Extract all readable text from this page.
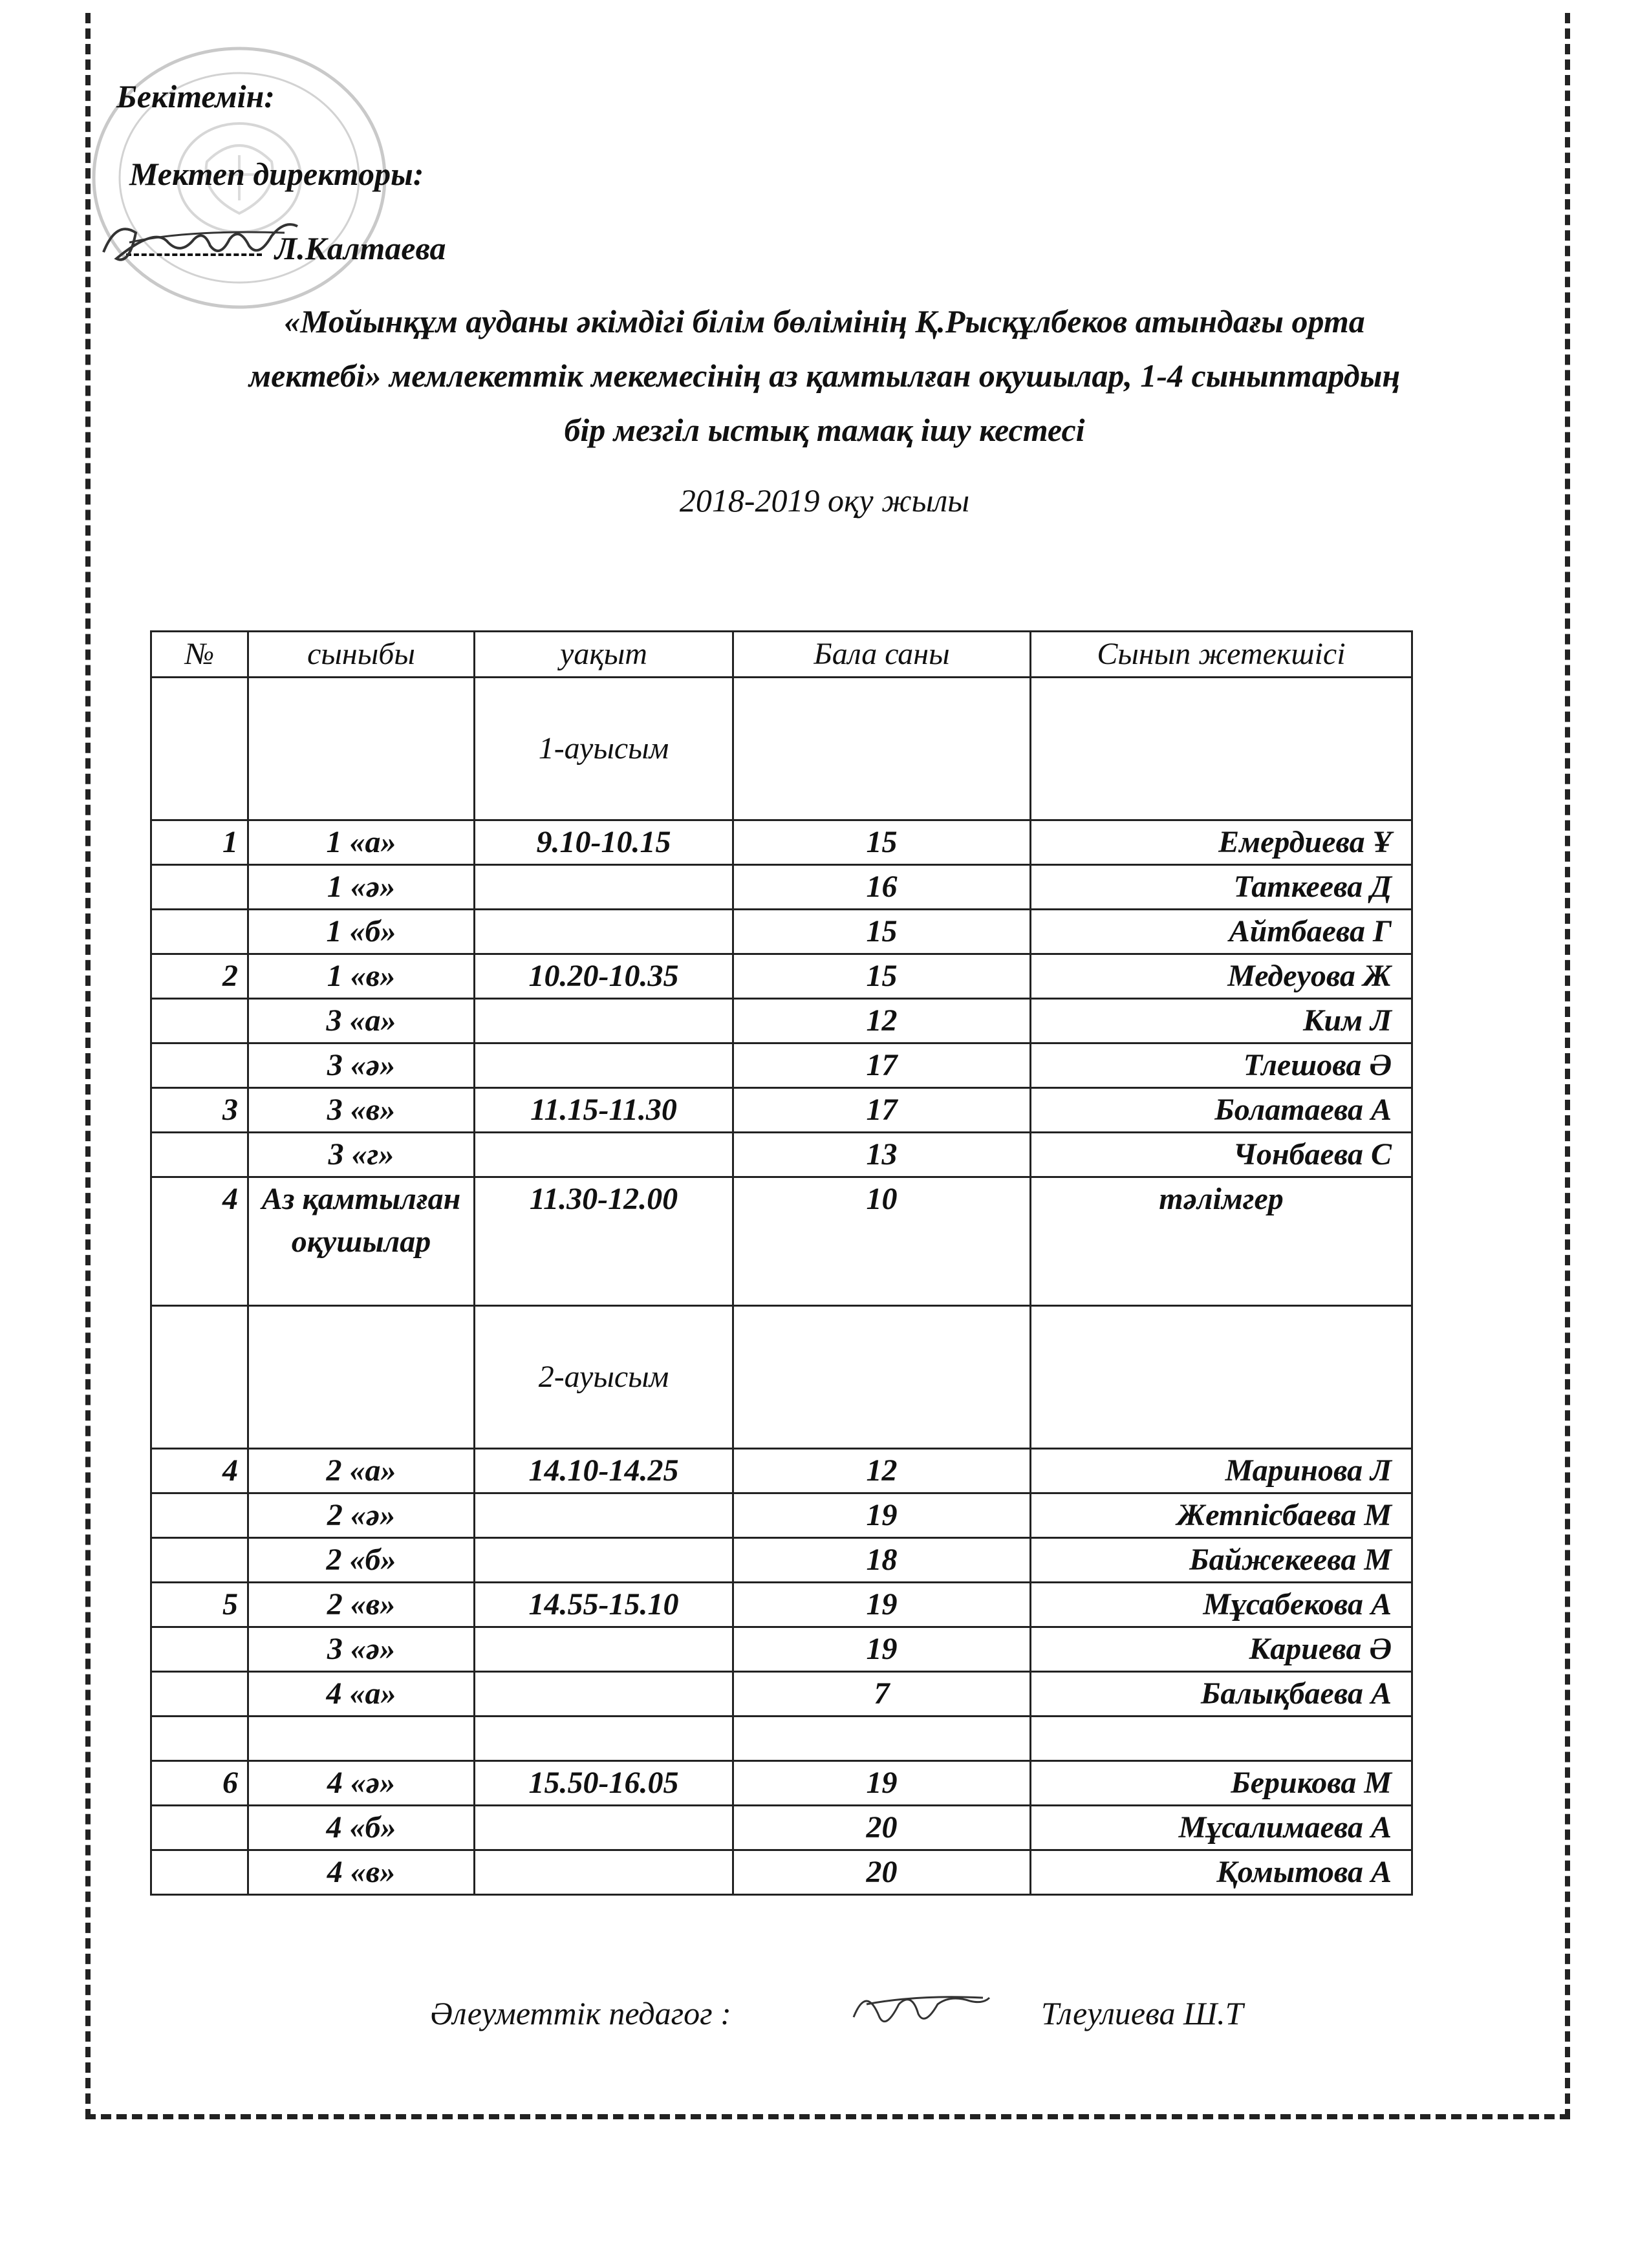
Бекітемін:
Мектеп директоры:
Л.Калтаева
«Мойынқұм ауданы әкімдігі білім бөлімінің Қ.Рысқұлбеков атындағы орта
мектебі» мемлекеттік мекемесінің аз қамтылған оқушылар, 1-4 сыныптардың
бір мезгіл ыстық тамақ ішу кестесі
2018-2019 оқу жылы
№	сыныбы	уақыт	Бала саны	Сынып жетекшісі
		1-ауысым		
1	1 «а»	9.10-10.15	15	Емердиева Ұ
	1 «ә»		16	Таткеева Д
	1 «б»		15	Айтбаева Г
2	1 «в»	10.20-10.35	15	Медеуова Ж
	3 «а»		12	Ким Л
	3 «ә»		17	Тлешова Ә
3	3 «в»	11.15-11.30	17	Болатаева А
	3 «г»		13	Чонбаева С
4	Аз қамтылған оқушылар	11.30-12.00	10	тәлімгер
		2-ауысым		
4	2 «а»	14.10-14.25	12	Маринова Л
	2 «ә»		19	Жетпісбаева М
	2 «б»		18	Байжекеева М
5	2 «в»	14.55-15.10	19	Мұсабекова А
	3 «ә»		19	Кариева Ә
	4 «а»		7	Балықбаева А

6	4 «ә»	15.50-16.05	19	Берикова М
	4 «б»		20	Мұсалимаева А
	4 «в»		20	Қомытова А
Әлеуметтік педагог :	Тлеулиева Ш.Т
